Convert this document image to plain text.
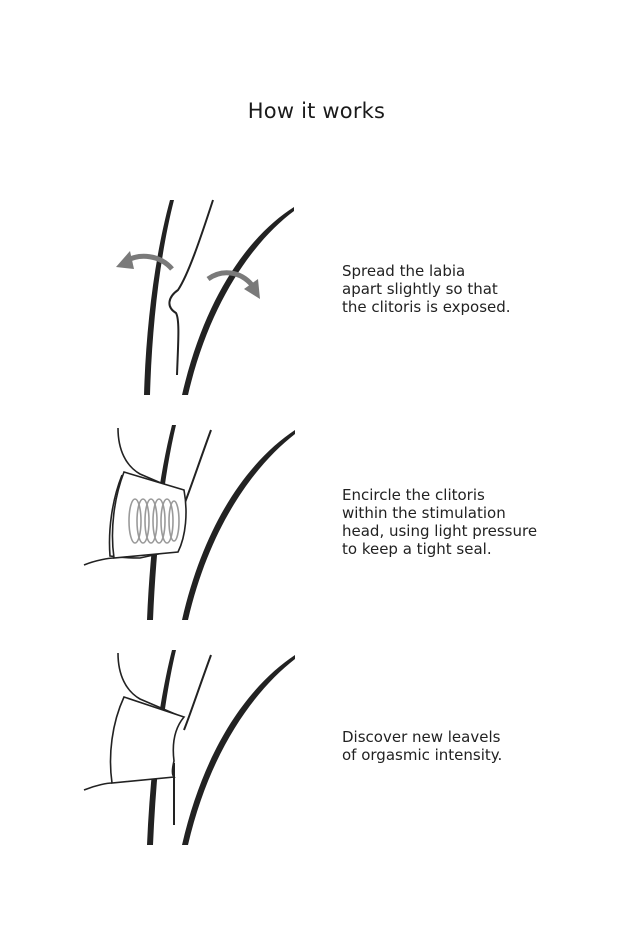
How it works

Spread the labia
apart slightly so that
the clitoris is exposed.

Encircle the clitoris
within the stimulation
head, using light pressure
to keep a tight seal.

Discover new leavels
of orgasmic intensity.
